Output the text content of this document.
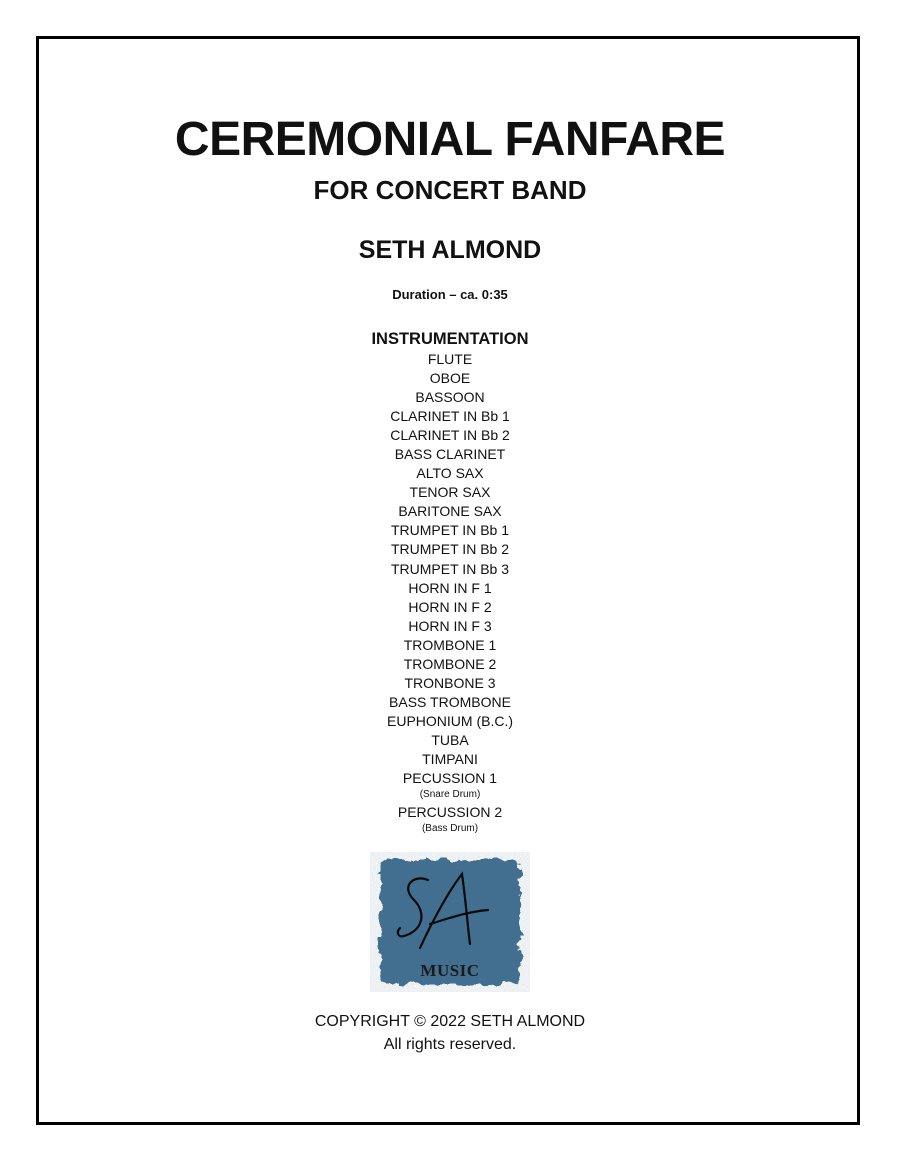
CEREMONIAL FANFARE
FOR CONCERT BAND
SETH ALMOND
Duration – ca. 0:35
INSTRUMENTATION
FLUTE
OBOE
BASSOON
CLARINET IN Bb 1
CLARINET IN Bb 2
BASS CLARINET
ALTO SAX
TENOR SAX
BARITONE SAX
TRUMPET IN Bb 1
TRUMPET IN Bb 2
TRUMPET IN Bb 3
HORN IN F 1
HORN IN F 2
HORN IN F 3
TROMBONE 1
TROMBONE 2
TRONBONE 3
BASS TROMBONE
EUPHONIUM (B.C.)
TUBA
TIMPANI
PECUSSION 1
(Snare Drum)
PERCUSSION 2
(Bass Drum)
MUSIC
COPYRIGHT © 2022 SETH ALMOND
All rights reserved.
